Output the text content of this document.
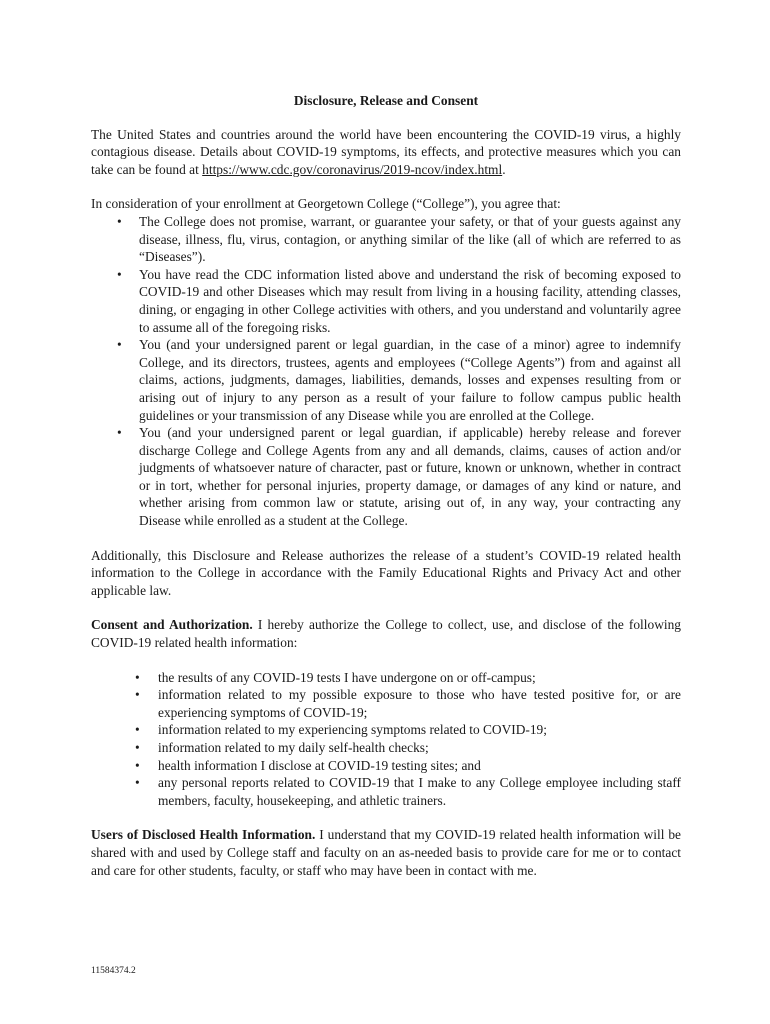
Disclosure, Release and Consent

The United States and countries around the world have been encountering the COVID-19 virus, a highly contagious disease. Details about COVID-19 symptoms, its effects, and protective measures which you can take can be found at https://www.cdc.gov/coronavirus/2019-ncov/index.html.

In consideration of your enrollment at Georgetown College (“College”), you agree that:

• The College does not promise, warrant, or guarantee your safety, or that of your guests against any disease, illness, flu, virus, contagion, or anything similar of the like (all of which are referred to as “Diseases”).
• You have read the CDC information listed above and understand the risk of becoming exposed to COVID-19 and other Diseases which may result from living in a housing facility, attending classes, dining, or engaging in other College activities with others, and you understand and voluntarily agree to assume all of the foregoing risks.
• You (and your undersigned parent or legal guardian, in the case of a minor) agree to indemnify College, and its directors, trustees, agents and employees (“College Agents”) from and against all claims, actions, judgments, damages, liabilities, demands, losses and expenses resulting from or arising out of injury to any person as a result of your failure to follow campus public health guidelines or your transmission of any Disease while you are enrolled at the College.
• You (and your undersigned parent or legal guardian, if applicable) hereby release and forever discharge College and College Agents from any and all demands, claims, causes of action and/or judgments of whatsoever nature of character, past or future, known or unknown, whether in contract or in tort, whether for personal injuries, property damage, or damages of any kind or nature, and whether arising from common law or statute, arising out of, in any way, your contracting any Disease while enrolled as a student at the College.

Additionally, this Disclosure and Release authorizes the release of a student’s COVID-19 related health information to the College in accordance with the Family Educational Rights and Privacy Act and other applicable law.

Consent and Authorization. I hereby authorize the College to collect, use, and disclose of the following COVID-19 related health information:

• the results of any COVID-19 tests I have undergone on or off-campus;
• information related to my possible exposure to those who have tested positive for, or are experiencing symptoms of COVID-19;
• information related to my experiencing symptoms related to COVID-19;
• information related to my daily self-health checks;
• health information I disclose at COVID-19 testing sites; and
• any personal reports related to COVID-19 that I make to any College employee including staff members, faculty, housekeeping, and athletic trainers.

Users of Disclosed Health Information. I understand that my COVID-19 related health information will be shared with and used by College staff and faculty on an as-needed basis to provide care for me or to contact and care for other students, faculty, or staff who may have been in contact with me.

11584374.2
